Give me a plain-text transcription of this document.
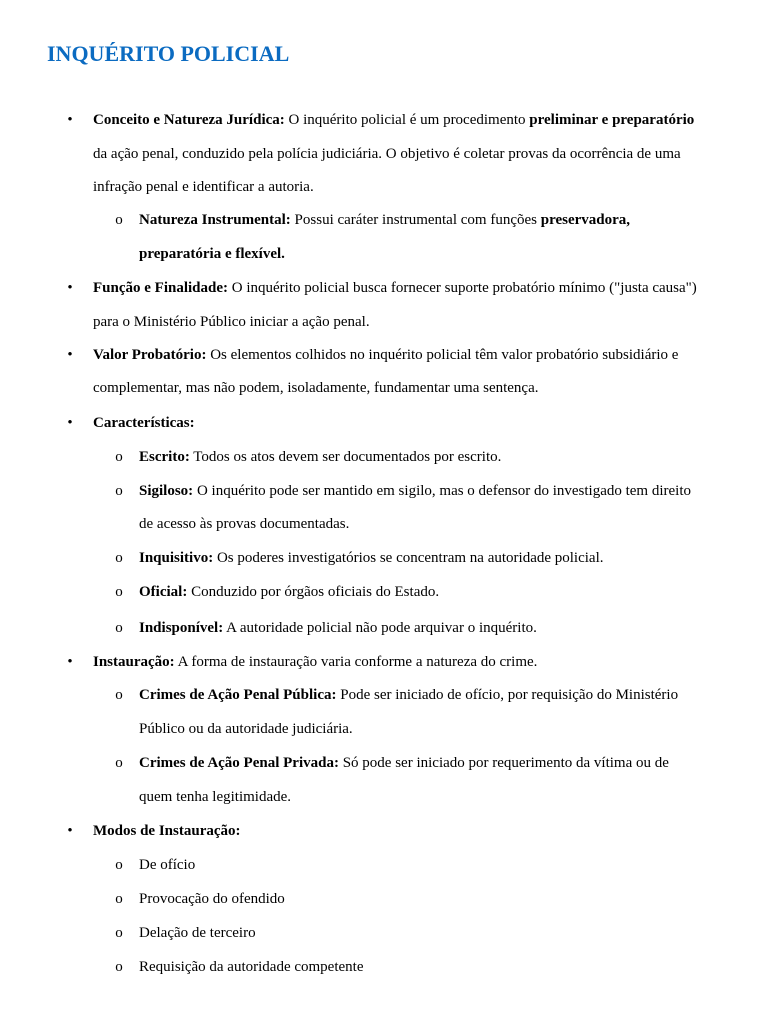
INQUÉRITO POLICIAL
• Conceito e Natureza Jurídica: O inquérito policial é um procedimento preliminar e preparatório
da ação penal, conduzido pela polícia judiciária. O objetivo é coletar provas da ocorrência de uma
infração penal e identificar a autoria.
o Natureza Instrumental: Possui caráter instrumental com funções preservadora,
preparatória e flexível.
• Função e Finalidade: O inquérito policial busca fornecer suporte probatório mínimo ("justa causa")
para o Ministério Público iniciar a ação penal.
• Valor Probatório: Os elementos colhidos no inquérito policial têm valor probatório subsidiário e
complementar, mas não podem, isoladamente, fundamentar uma sentença.
• Características:
o Escrito: Todos os atos devem ser documentados por escrito.
o Sigiloso: O inquérito pode ser mantido em sigilo, mas o defensor do investigado tem direito
de acesso às provas documentadas.
o Inquisitivo: Os poderes investigatórios se concentram na autoridade policial.
o Oficial: Conduzido por órgãos oficiais do Estado.
o Indisponível: A autoridade policial não pode arquivar o inquérito.
• Instauração: A forma de instauração varia conforme a natureza do crime.
o Crimes de Ação Penal Pública: Pode ser iniciado de ofício, por requisição do Ministério
Público ou da autoridade judiciária.
o Crimes de Ação Penal Privada: Só pode ser iniciado por requerimento da vítima ou de
quem tenha legitimidade.
• Modos de Instauração:
o De ofício
o Provocação do ofendido
o Delação de terceiro
o Requisição da autoridade competente
